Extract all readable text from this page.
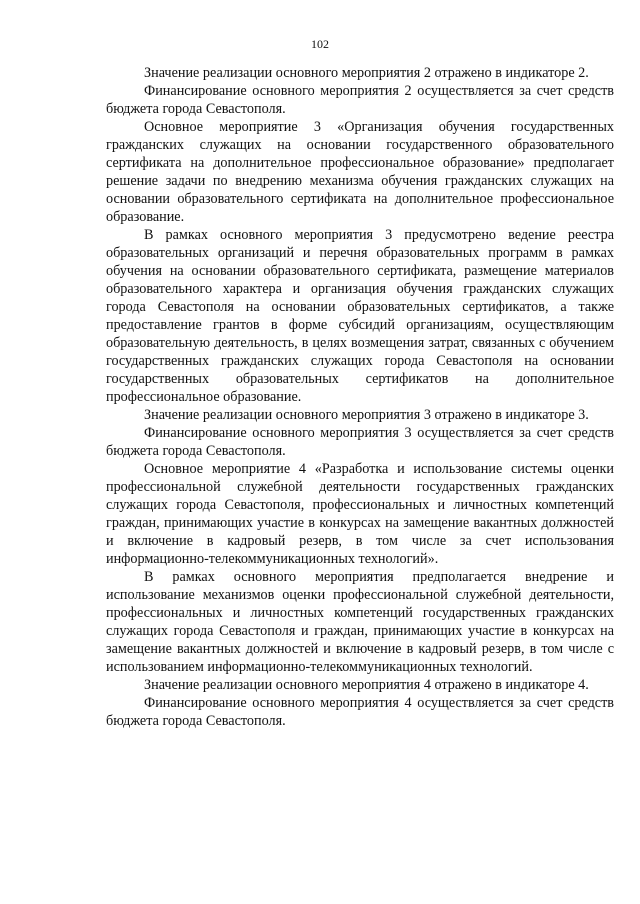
102

Значение реализации основного мероприятия 2 отражено в индикаторе 2.

Финансирование основного мероприятия 2 осуществляется за счет средств бюджета города Севастополя.

Основное мероприятие 3 «Организация обучения государственных гражданских служащих на основании государственного образовательного сертификата на дополнительное профессиональное образование» предполагает решение задачи по внедрению механизма обучения гражданских служащих на основании образовательного сертификата на дополнительное профессиональное образование.

В рамках основного мероприятия 3 предусмотрено ведение реестра образовательных организаций и перечня образовательных программ в рамках обучения на основании образовательного сертификата, размещение материалов образовательного характера и организация обучения гражданских служащих города Севастополя на основании образовательных сертификатов, а также предоставление грантов в форме субсидий организациям, осуществляющим образовательную деятельность, в целях возмещения затрат, связанных с обучением государственных гражданских служащих города Севастополя на основании государственных образовательных сертификатов на дополнительное профессиональное образование.

Значение реализации основного мероприятия 3 отражено в индикаторе 3.

Финансирование основного мероприятия 3 осуществляется за счет средств бюджета города Севастополя.

Основное мероприятие 4 «Разработка и использование системы оценки профессиональной служебной деятельности государственных гражданских служащих города Севастополя, профессиональных и личностных компетенций граждан, принимающих участие в конкурсах на замещение вакантных должностей и включение в кадровый резерв, в том числе за счет использования информационно-телекоммуникационных технологий».

В рамках основного мероприятия предполагается внедрение и использование механизмов оценки профессиональной служебной деятельности, профессиональных и личностных компетенций государственных гражданских служащих города Севастополя и граждан, принимающих участие в конкурсах на замещение вакантных должностей и включение в кадровый резерв, в том числе с использованием информационно-телекоммуникационных технологий.

Значение реализации основного мероприятия 4 отражено в индикаторе 4.

Финансирование основного мероприятия 4 осуществляется за счет средств бюджета города Севастополя.
